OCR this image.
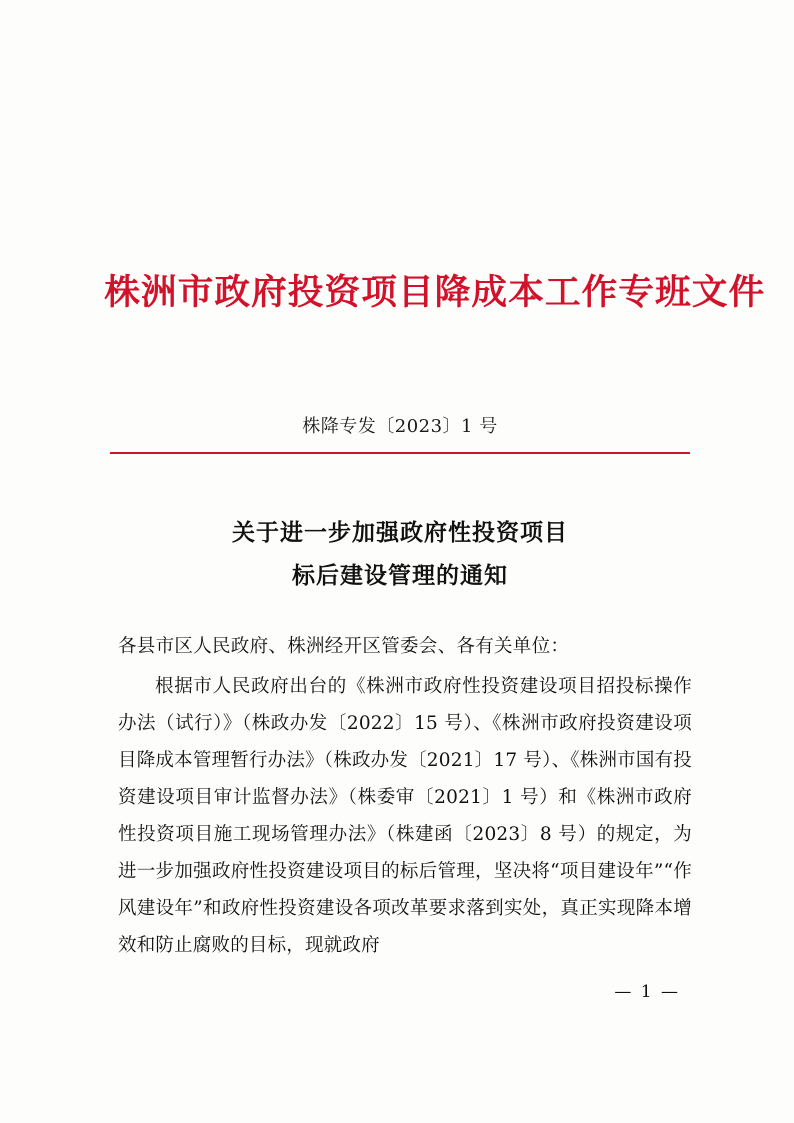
株洲市政府投资项目降成本工作专班文件
株降专发〔2023〕1 号
关于进一步加强政府性投资项目
标后建设管理的通知
各县市区人民政府、株洲经开区管委会、各有关单位：

根据市人民政府出台的《株洲市政府性投资建设项目招投标操作办法（试行）》（株政办发〔2022〕15 号）、《株洲市政府投资建设项目降成本管理暂行办法》（株政办发〔2021〕17 号）、《株洲市国有投资建设项目审计监督办法》（株委审〔2021〕1 号）和《株洲市政府性投资项目施工现场管理办法》（株建函〔2023〕8 号）的规定，为进一步加强政府性投资建设项目的标后管理，坚决将“项目建设年”“作风建设年”和政府性投资建设各项改革要求落到实处，真正实现降本增效和防止腐败的目标，现就政府

— 1 —
